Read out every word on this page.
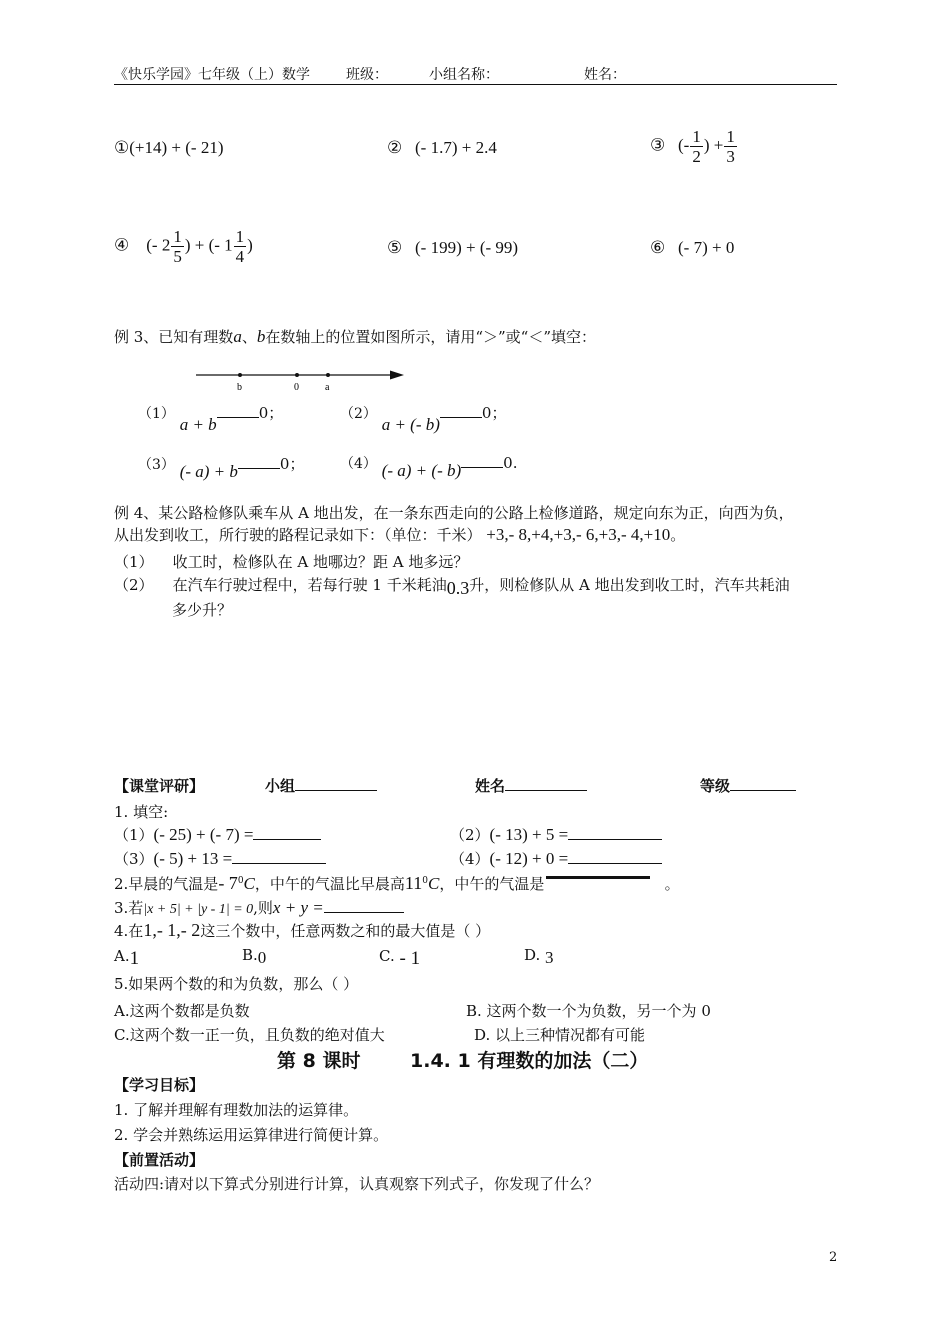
《快乐学园》七年级（上）数学	班级：	小组名称：	姓名：
①(+14) + (- 21)	② (- 1.7) + 2.4	③ (- $\frac{1}{2}$ ) + $\frac{1}{3}$
④ (- $2 \frac{1}{5}$ ) + (- $1 \frac{1}{4}$ )	⑤ (- 199) + (- 99)	⑥ (- 7) + 0
例 3、已知有理数a、b在数轴上的位置如图所示，请用“＞”或“＜”填空：
b	0	a
（1） a + b0；	（2） a + (- b)0；
（3） (- a) + b	0；	（4） (- a) + (- b)	0.
例 4、某公路检修队乘车从 A 地出发，在一条东西走向的公路上检修道路，规定向东为正，向西为负，
从出发到收工，所行驶的路程记录如下：（单位：千米） +3,- 8,+4,+3,- 6,+3,- 4,+10。
（1） 收工时，检修队在 A 地哪边？距 A 地多远？
（2） 在汽车行驶过程中，若每行驶 1 千米耗油0.3升，则检修队从 A 地出发到收工时，汽车共耗油
多少升？
【课堂评研】	小组	姓名	等级
1. 填空:
（1）(- 25) + (- 7) =	（2）(- 13) + 5 =
（3）(- 5) + 13 =	（4）(- 12) + 0 =
2.早晨的气温是- $7^0C$，中午的气温比早晨高$11^0C$，中午的气温是	。
3.若|x + 5| + |y - 1| = 0,则x + y =
4.在1,- 1,- 2这三个数中，任意两数之和的最大值是（ ）
A.1	B.0	C. - 1	D. 3
5.如果两个数的和为负数，那么（ ）
A.这两个数都是负数	B. 这两个数一个为负数，另一个为 0
C.这两个数一正一负，且负数的绝对值大	D. 以上三种情况都有可能
第 8 课时	1.4. 1 有理数的加法（二）
【学习目标】
1. 了解并理解有理数加法的运算律。
2. 学会并熟练运用运算律进行简便计算。
【前置活动】
活动四:请对以下算式分别进行计算，认真观察下列式子，你发现了什么？
2
